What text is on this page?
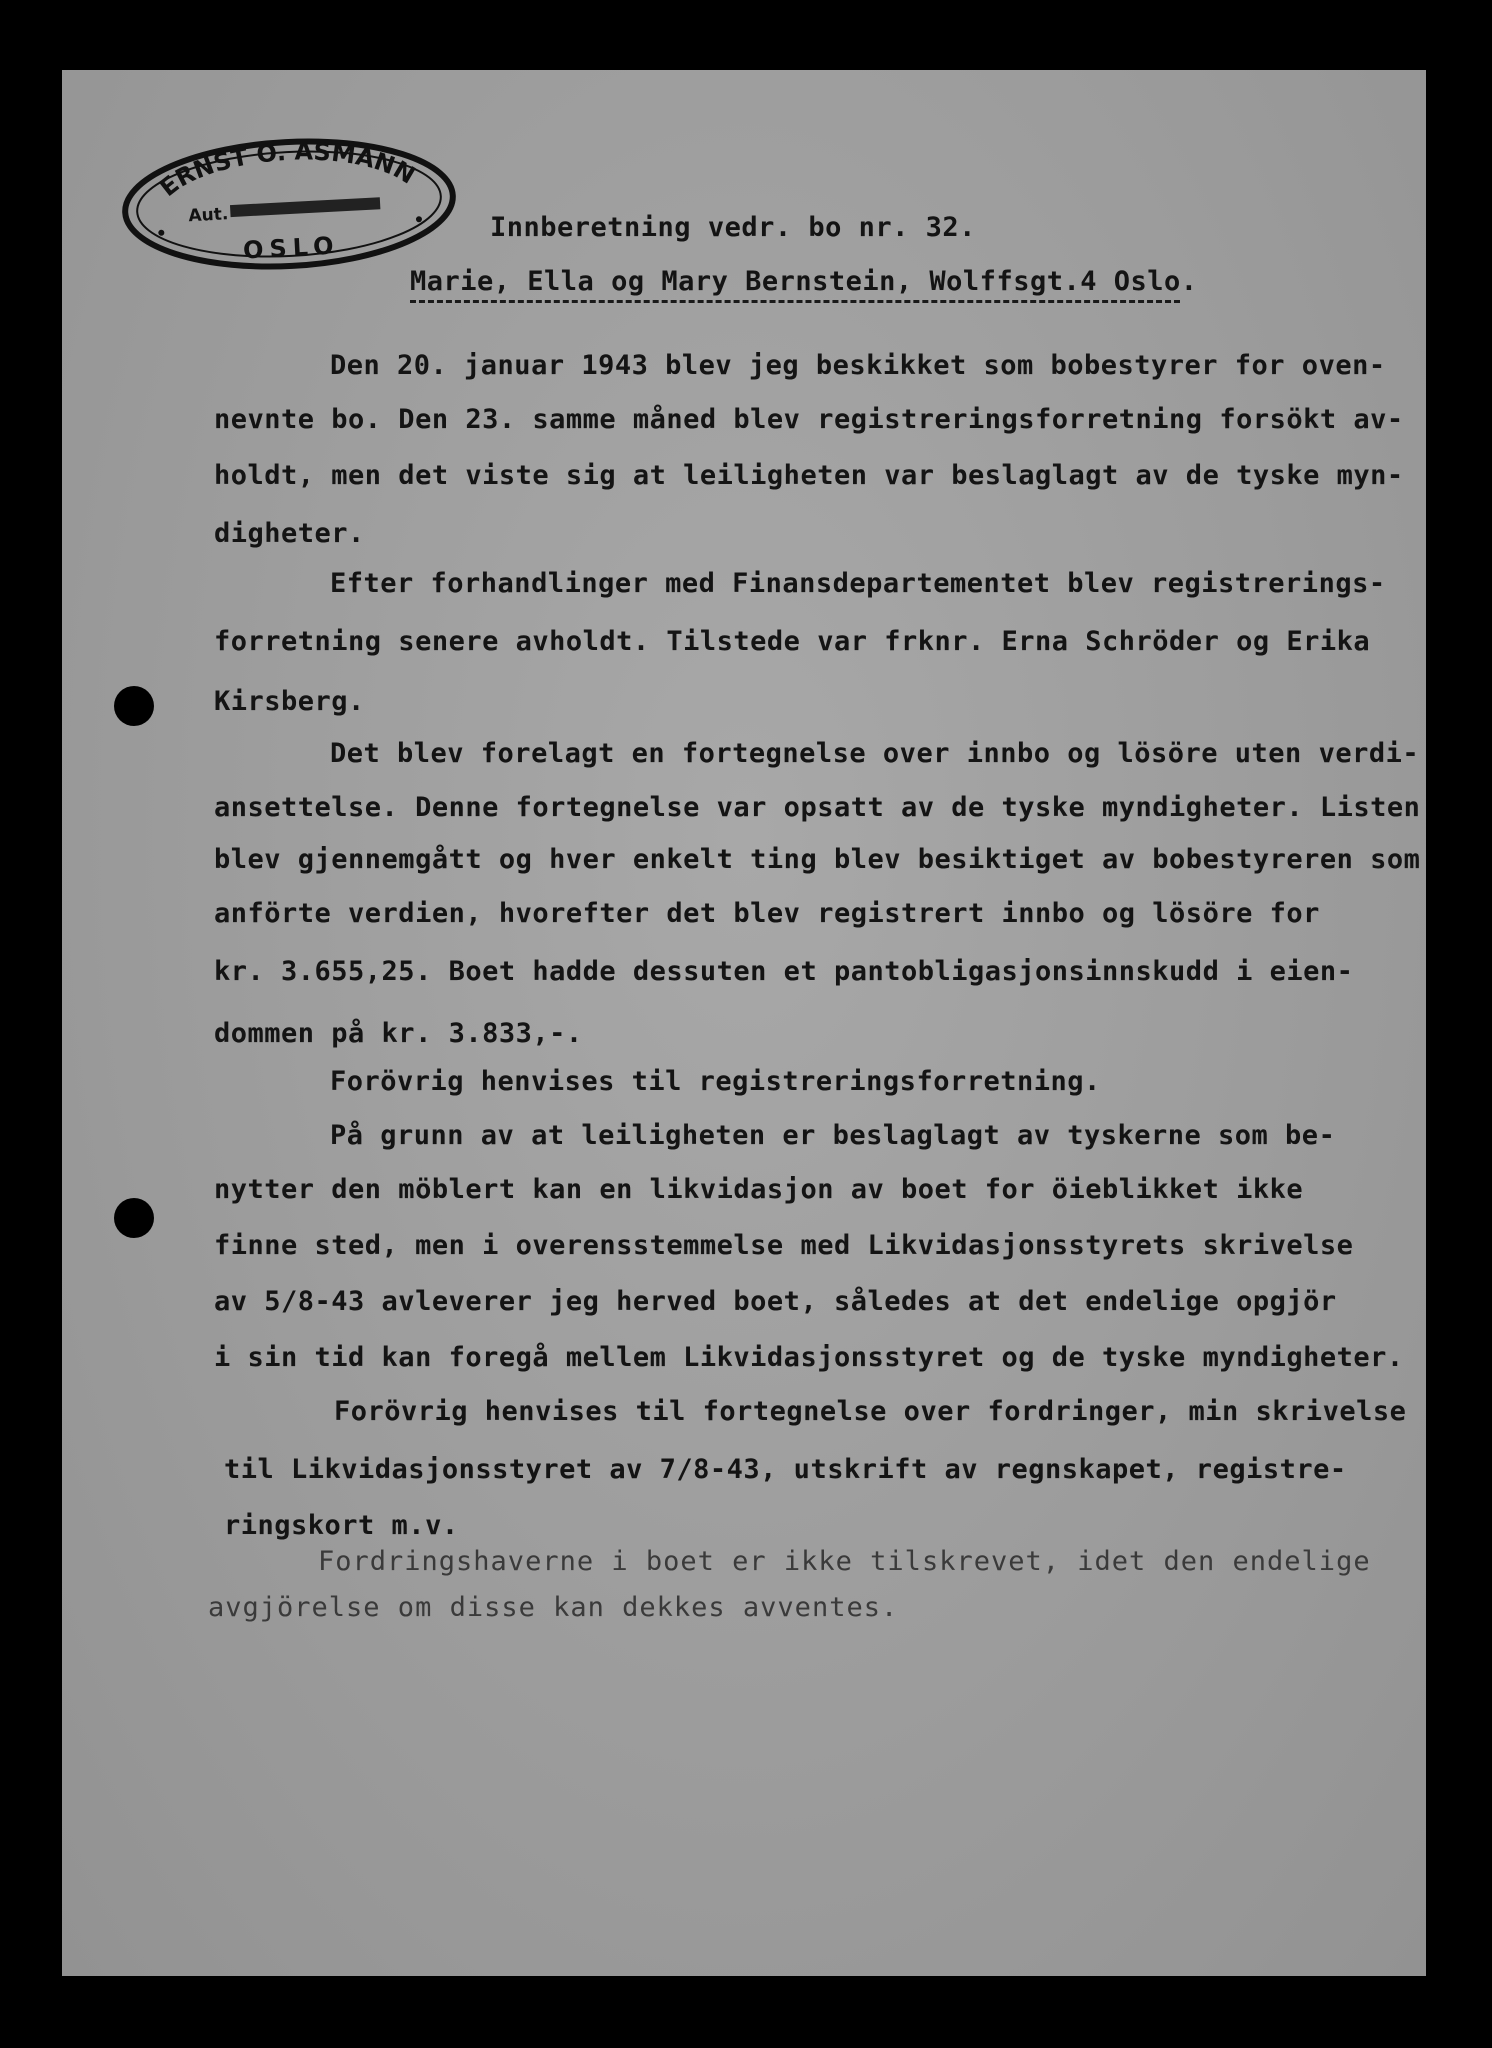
ERNST O. ASMANN
Aut.
OSLO
Innberetning vedr. bo nr. 32.
Marie, Ella og Mary Bernstein, Wolffsgt.4 Oslo.
Den 20. januar 1943 blev jeg beskikket som bobestyrer for oven-
nevnte bo. Den 23. samme måned blev registreringsforretning forsökt av-
holdt, men det viste sig at leiligheten var beslaglagt av de tyske myn-
digheter.
Efter forhandlinger med Finansdepartementet blev registrerings-
forretning senere avholdt. Tilstede var frknr. Erna Schröder og Erika
Kirsberg.
Det blev forelagt en fortegnelse over innbo og lösöre uten verdi-
ansettelse. Denne fortegnelse var opsatt av de tyske myndigheter. Listen
blev gjennemgått og hver enkelt ting blev besiktiget av bobestyreren som
anförte verdien, hvorefter det blev registrert innbo og lösöre for
kr. 3.655,25. Boet hadde dessuten et pantobligasjonsinnskudd i eien-
dommen på kr. 3.833,-.
Forövrig henvises til registreringsforretning.
På grunn av at leiligheten er beslaglagt av tyskerne som be-
nytter den möblert kan en likvidasjon av boet for öieblikket ikke
finne sted, men i overensstemmelse med Likvidasjonsstyrets skrivelse
av 5/8-43 avleverer jeg herved boet, således at det endelige opgjör
i sin tid kan foregå mellem Likvidasjonsstyret og de tyske myndigheter.
Forövrig henvises til fortegnelse over fordringer, min skrivelse
til Likvidasjonsstyret av 7/8-43, utskrift av regnskapet, registre-
ringskort m.v.
Fordringshaverne i boet er ikke tilskrevet, idet den endelige
avgjörelse om disse kan dekkes avventes.
